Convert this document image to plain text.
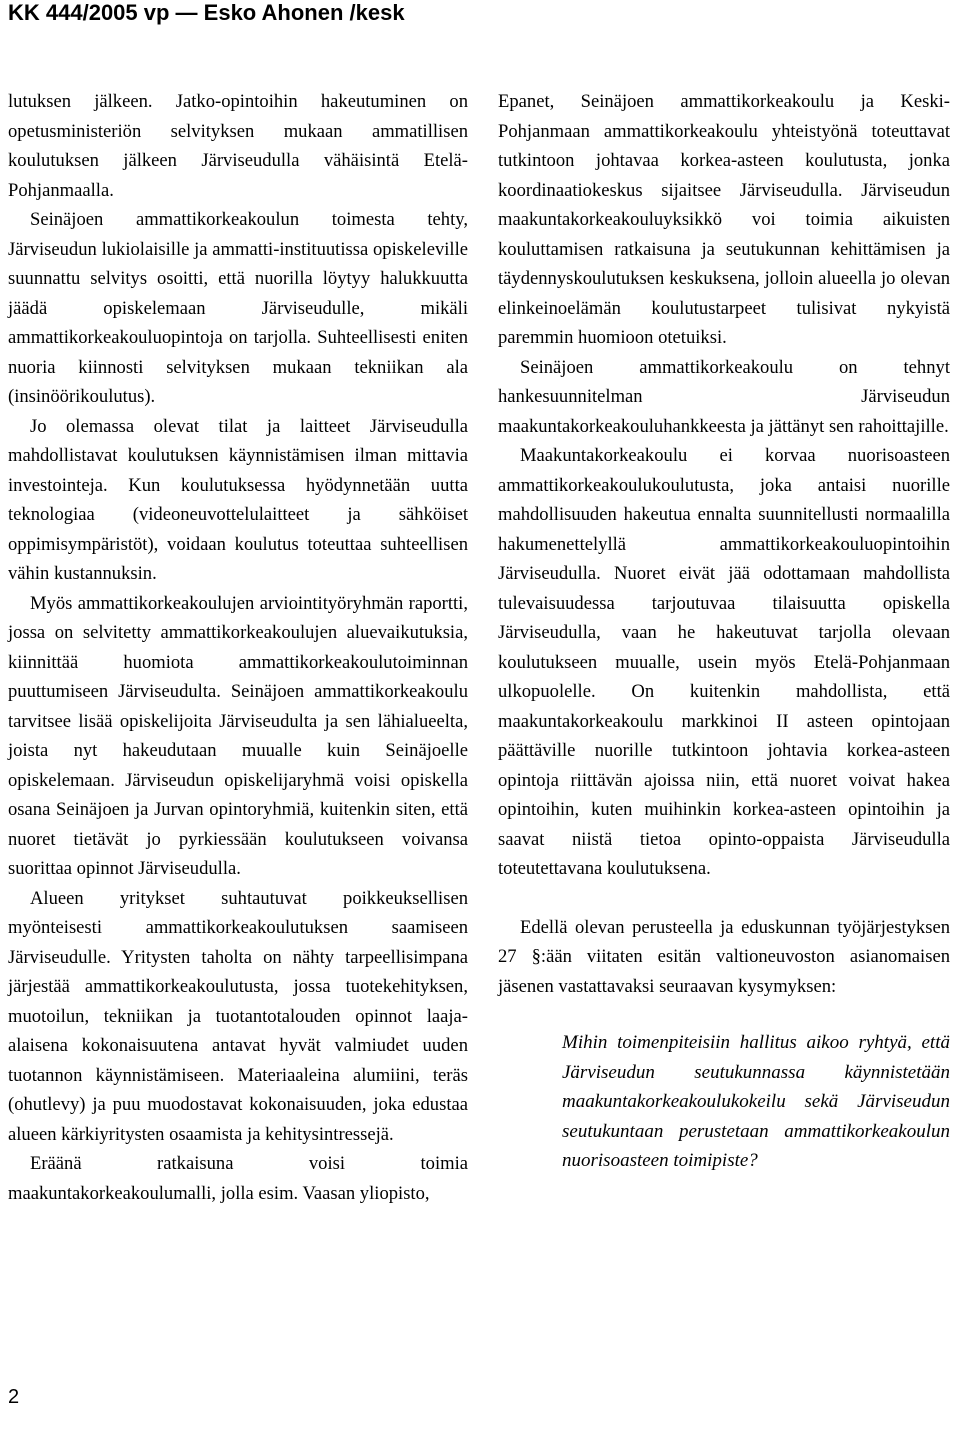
KK 444/2005 vp — Esko Ahonen /kesk

lutuksen jälkeen. Jatko-opintoihin hakeutuminen on opetusministeriön selvityksen mukaan ammatillisen koulutuksen jälkeen Järviseudulla vähäisintä Etelä-Pohjanmaalla.

Seinäjoen ammattikorkeakoulun toimesta tehty, Järviseudun lukiolaisille ja ammatti-instituutissa opiskeleville suunnattu selvitys osoitti, että nuorilla löytyy halukkuutta jäädä opiskelemaan Järviseudulle, mikäli ammattikorkeakouluopintoja on tarjolla. Suhteellisesti eniten nuoria kiinnosti selvityksen mukaan tekniikan ala (insinöörikoulutus).

Jo olemassa olevat tilat ja laitteet Järviseudulla mahdollistavat koulutuksen käynnistämisen ilman mittavia investointeja. Kun koulutuksessa hyödynnetään uutta teknologiaa (videoneuvottelulaitteet ja sähköiset oppimisympäristöt), voidaan koulutus toteuttaa suhteellisen vähin kustannuksin.

Myös ammattikorkeakoulujen arviointityöryhmän raportti, jossa on selvitetty ammattikorkeakoulujen aluevaikutuksia, kiinnittää huomiota ammattikorkeakoulutoiminnan puuttumiseen Järviseudulta. Seinäjoen ammattikorkeakoulu tarvitsee lisää opiskelijoita Järviseudulta ja sen lähialueelta, joista nyt hakeudutaan muualle kuin Seinäjoelle opiskelemaan. Järviseudun opiskelijaryhmä voisi opiskella osana Seinäjoen ja Jurvan opintoryhmiä, kuitenkin siten, että nuoret tietävät jo pyrkiessään koulutukseen voivansa suorittaa opinnot Järviseudulla.

Alueen yritykset suhtautuvat poikkeuksellisen myönteisesti ammattikorkeakoulutuksen saamiseen Järviseudulle. Yritysten taholta on nähty tarpeellisimpana järjestää ammattikorkeakoulutusta, jossa tuotekehityksen, muotoilun, tekniikan ja tuotantotalouden opinnot laaja-alaisena kokonaisuutena antavat hyvät valmiudet uuden tuotannon käynnistämiseen. Materiaaleina alumiini, teräs (ohutlevy) ja puu muodostavat kokonaisuuden, joka edustaa alueen kärkiyritysten osaamista ja kehitysintressejä.

Eräänä ratkaisuna voisi toimia maakuntakorkeakoulumalli, jolla esim. Vaasan yliopisto,

Epanet, Seinäjoen ammattikorkeakoulu ja Keski-Pohjanmaan ammattikorkeakoulu yhteistyönä toteuttavat tutkintoon johtavaa korkea-asteen koulutusta, jonka koordinaatiokeskus sijaitsee Järviseudulla. Järviseudun maakuntakorkeakouluyksikkö voi toimia aikuisten kouluttamisen ratkaisuna ja seutukunnan kehittämisen ja täydennyskoulutuksen keskuksena, jolloin alueella jo olevan elinkeinoelämän koulutustarpeet tulisivat nykyistä paremmin huomioon otetuiksi.

Seinäjoen ammattikorkeakoulu on tehnyt hankesuunnitelman Järviseudun maakuntakorkeakouluhankkeesta ja jättänyt sen rahoittajille.

Maakuntakorkeakoulu ei korvaa nuorisoasteen ammattikorkeakoulukoulutusta, joka antaisi nuorille mahdollisuuden hakeutua ennalta suunnitellusti normaalilla hakumenettelyllä ammattikorkeakouluopintoihin Järviseudulla. Nuoret eivät jää odottamaan mahdollista tulevaisuudessa tarjoutuvaa tilaisuutta opiskella Järviseudulla, vaan he hakeutuvat tarjolla olevaan koulutukseen muualle, usein myös Etelä-Pohjanmaan ulkopuolelle. On kuitenkin mahdollista, että maakuntakorkeakoulu markkinoi II asteen opintojaan päättäville nuorille tutkintoon johtavia korkea-asteen opintoja riittävän ajoissa niin, että nuoret voivat hakea opintoihin, kuten muihinkin korkea-asteen opintoihin ja saavat niistä tietoa opinto-oppaista Järviseudulla toteutettavana koulutuksena.

Edellä olevan perusteella ja eduskunnan työjärjestyksen 27 §:ään viitaten esitän valtioneuvoston asianomaisen jäsenen vastattavaksi seuraavan kysymyksen:

Mihin toimenpiteisiin hallitus aikoo ryhtyä, että Järviseudun seutukunnassa käynnistetään maakuntakorkeakoulukokeilu sekä Järviseudun seutukuntaan perustetaan ammattikorkeakoulun nuorisoasteen toimipiste?
2
